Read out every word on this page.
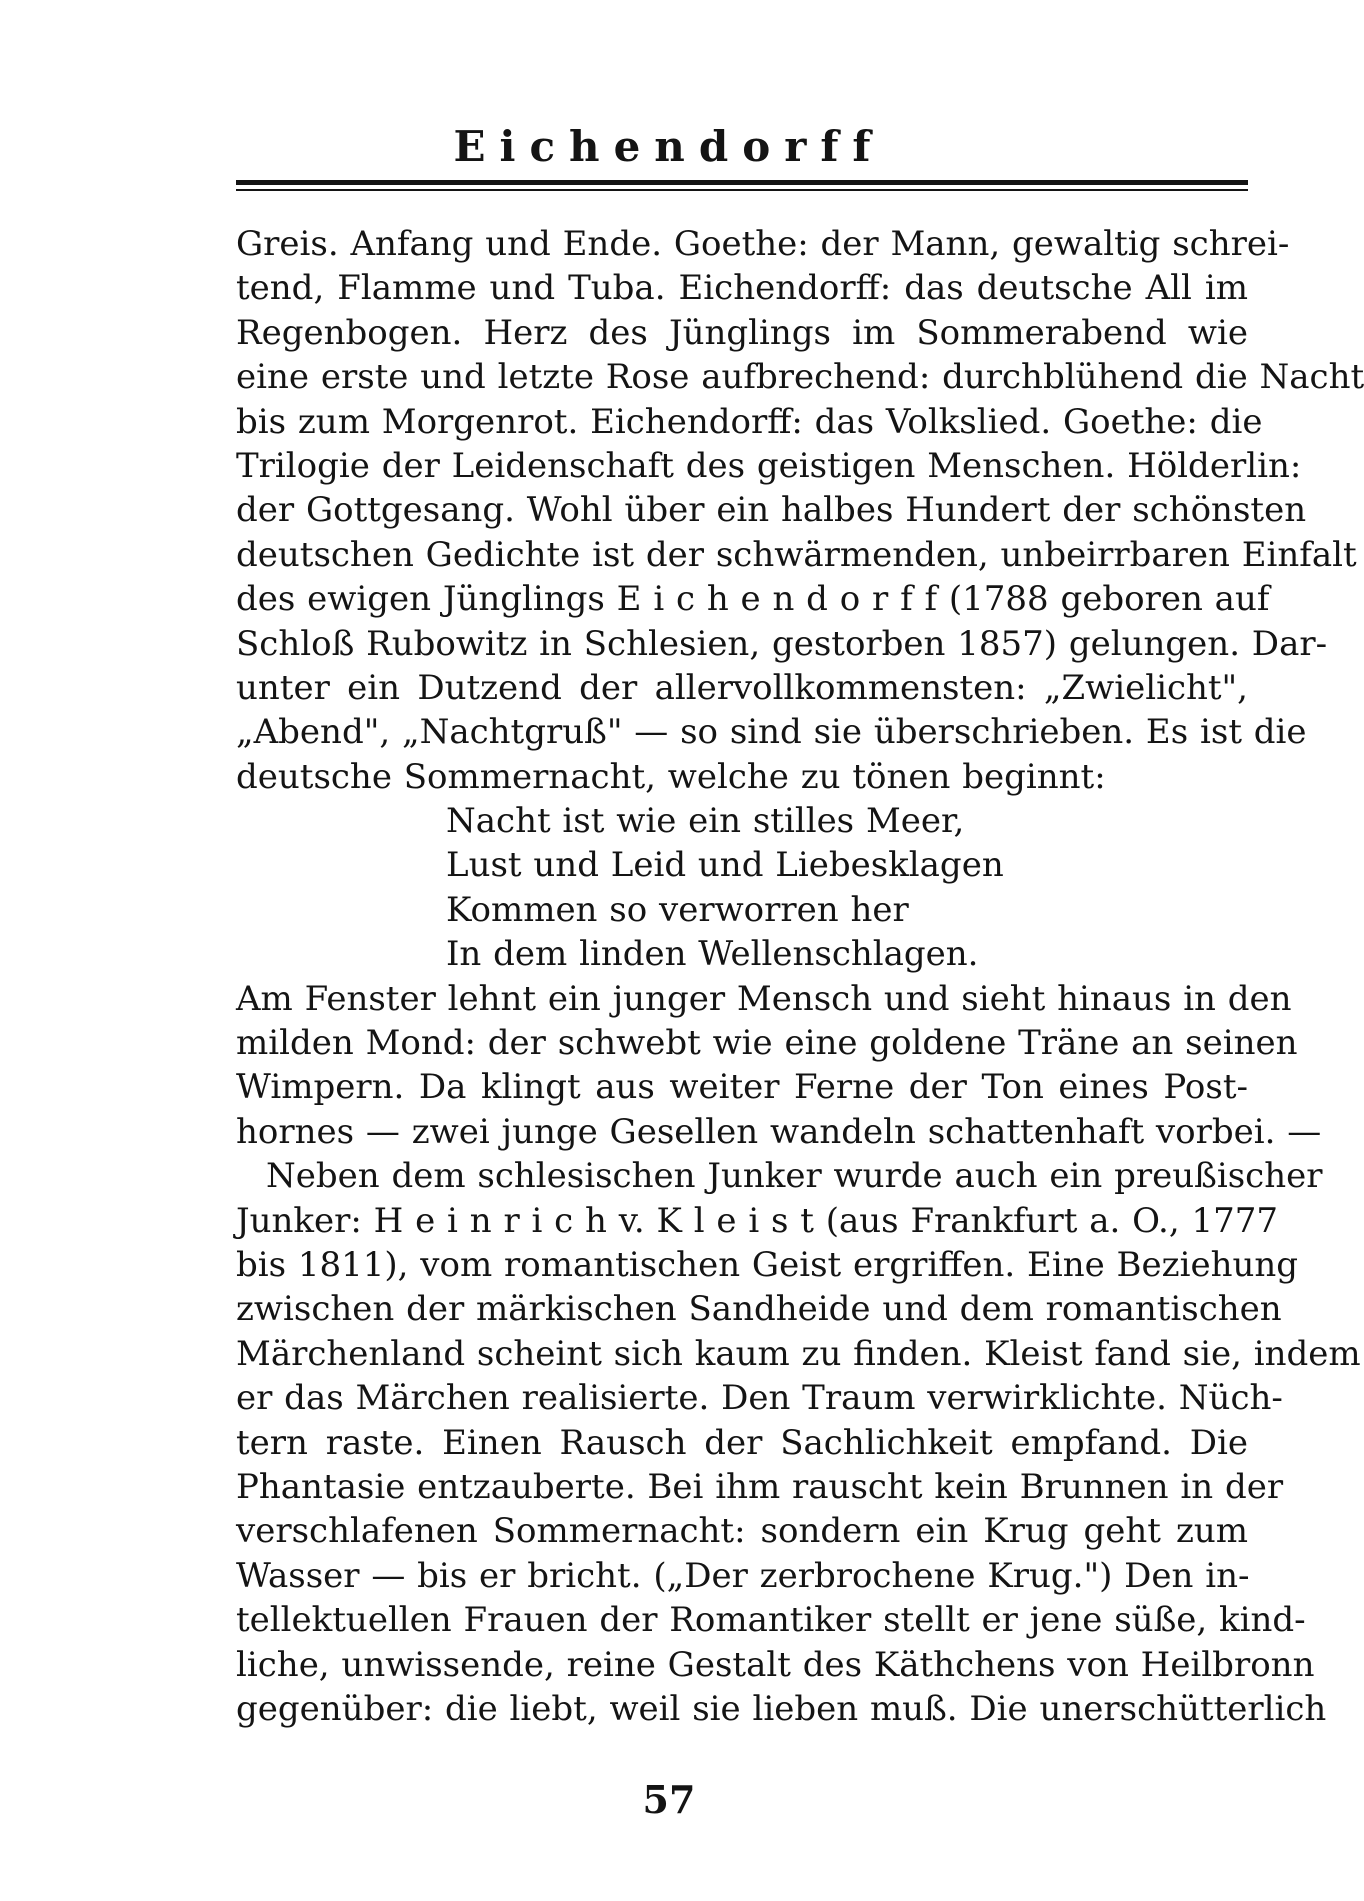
Eichendorff
Greis. Anfang und Ende. Goethe: der Mann, gewaltig schrei-
tend, Flamme und Tuba. Eichendorff: das deutsche All im
Regenbogen. Herz des Jünglings im Sommerabend wie
eine erste und letzte Rose aufbrechend: durchblühend die Nacht
bis zum Morgenrot. Eichendorff: das Volkslied. Goethe: die
Trilogie der Leidenschaft des geistigen Menschen. Hölderlin:
der Gottgesang. Wohl über ein halbes Hundert der schönsten
deutschen Gedichte ist der schwärmenden, unbeirrbaren Einfalt
des ewigen Jünglings E i c h e n d o r f f (1788 geboren auf
Schloß Rubowitz in Schlesien, gestorben 1857) gelungen. Dar-
unter ein Dutzend der allervollkommensten: „Zwielicht",
„Abend", „Nachtgruß" — so sind sie überschrieben. Es ist die
deutsche Sommernacht, welche zu tönen beginnt:
Nacht ist wie ein stilles Meer,
Lust und Leid und Liebesklagen
Kommen so verworren her
In dem linden Wellenschlagen.
Am Fenster lehnt ein junger Mensch und sieht hinaus in den
milden Mond: der schwebt wie eine goldene Träne an seinen
Wimpern. Da klingt aus weiter Ferne der Ton eines Post-
hornes — zwei junge Gesellen wandeln schattenhaft vorbei. —
Neben dem schlesischen Junker wurde auch ein preußischer
Junker: H e i n r i c h v. K l e i s t (aus Frankfurt a. O., 1777
bis 1811), vom romantischen Geist ergriffen. Eine Beziehung
zwischen der märkischen Sandheide und dem romantischen
Märchenland scheint sich kaum zu finden. Kleist fand sie, indem
er das Märchen realisierte. Den Traum verwirklichte. Nüch-
tern raste. Einen Rausch der Sachlichkeit empfand. Die
Phantasie entzauberte. Bei ihm rauscht kein Brunnen in der
verschlafenen Sommernacht: sondern ein Krug geht zum
Wasser — bis er bricht. („Der zerbrochene Krug.") Den in-
tellektuellen Frauen der Romantiker stellt er jene süße, kind-
liche, unwissende, reine Gestalt des Käthchens von Heilbronn
gegenüber: die liebt, weil sie lieben muß. Die unerschütterlich
57
